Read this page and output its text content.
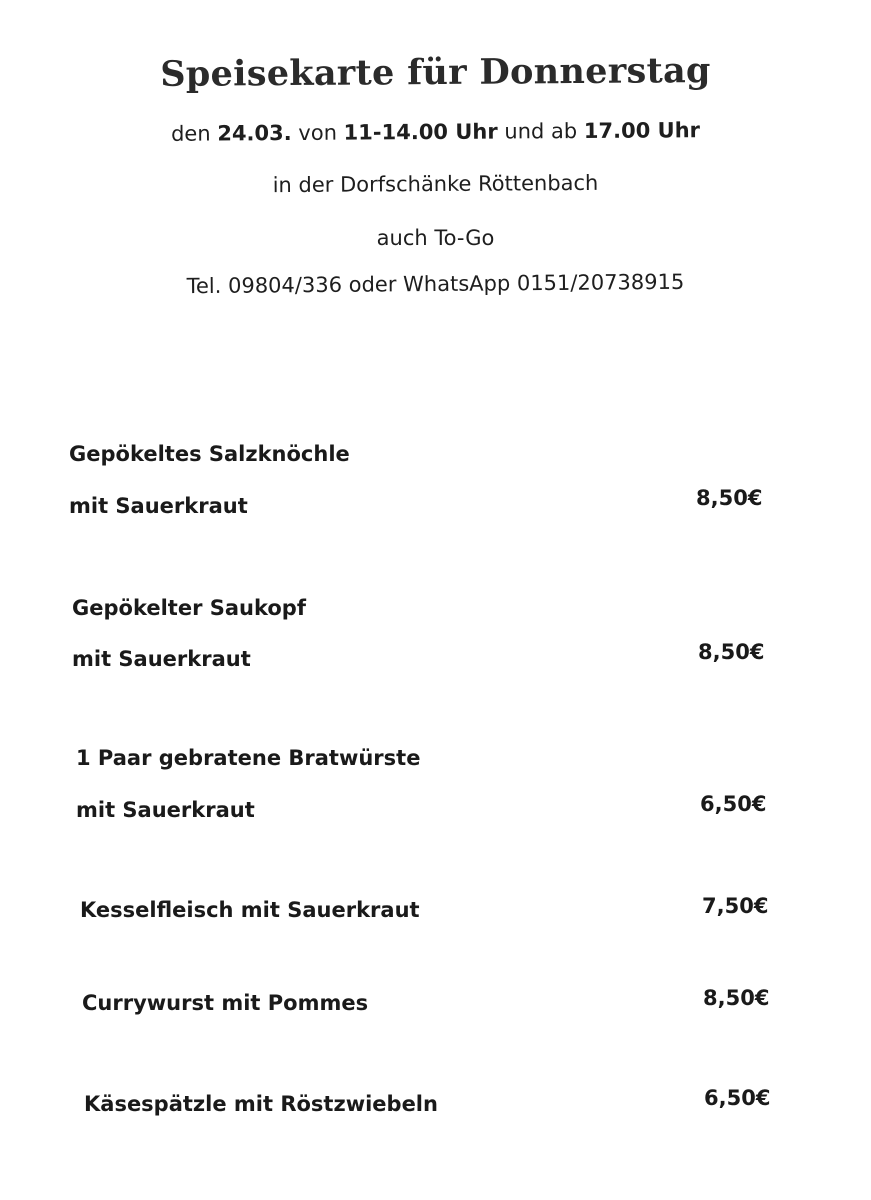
Speisekarte für Donnerstag
den 24.03. von 11-14.00 Uhr und ab 17.00 Uhr
in der Dorfschänke Röttenbach
auch To-Go
Tel. 09804/336 oder WhatsApp 0151/20738915
Gepökeltes Salzknöchle
mit Sauerkraut	8,50€
Gepökelter Saukopf
mit Sauerkraut	8,50€
1 Paar gebratene Bratwürste
mit Sauerkraut	6,50€
Kesselfleisch mit Sauerkraut	7,50€
Currywurst mit Pommes	8,50€
Käsespätzle mit Röstzwiebeln	6,50€
